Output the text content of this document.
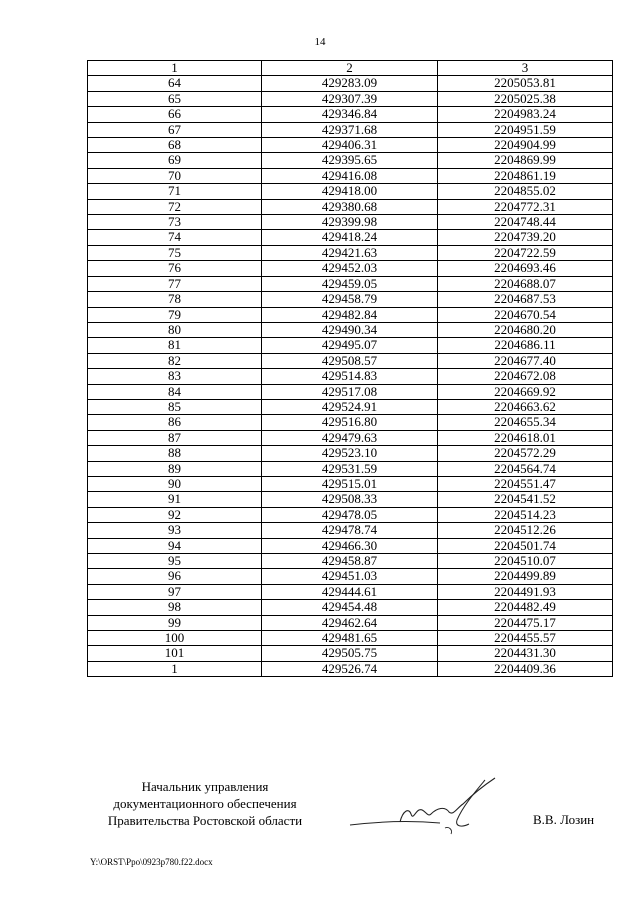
14
1	2	3
64	429283.09	2205053.81
65	429307.39	2205025.38
66	429346.84	2204983.24
67	429371.68	2204951.59
68	429406.31	2204904.99
69	429395.65	2204869.99
70	429416.08	2204861.19
71	429418.00	2204855.02
72	429380.68	2204772.31
73	429399.98	2204748.44
74	429418.24	2204739.20
75	429421.63	2204722.59
76	429452.03	2204693.46
77	429459.05	2204688.07
78	429458.79	2204687.53
79	429482.84	2204670.54
80	429490.34	2204680.20
81	429495.07	2204686.11
82	429508.57	2204677.40
83	429514.83	2204672.08
84	429517.08	2204669.92
85	429524.91	2204663.62
86	429516.80	2204655.34
87	429479.63	2204618.01
88	429523.10	2204572.29
89	429531.59	2204564.74
90	429515.01	2204551.47
91	429508.33	2204541.52
92	429478.05	2204514.23
93	429478.74	2204512.26
94	429466.30	2204501.74
95	429458.87	2204510.07
96	429451.03	2204499.89
97	429444.61	2204491.93
98	429454.48	2204482.49
99	429462.64	2204475.17
100	429481.65	2204455.57
101	429505.75	2204431.30
1	429526.74	2204409.36
Начальник управления
документационного обеспечения
Правительства Ростовской области	В.В. Лозин
Y:\ORST\Ppo\0923p780.f22.docx
